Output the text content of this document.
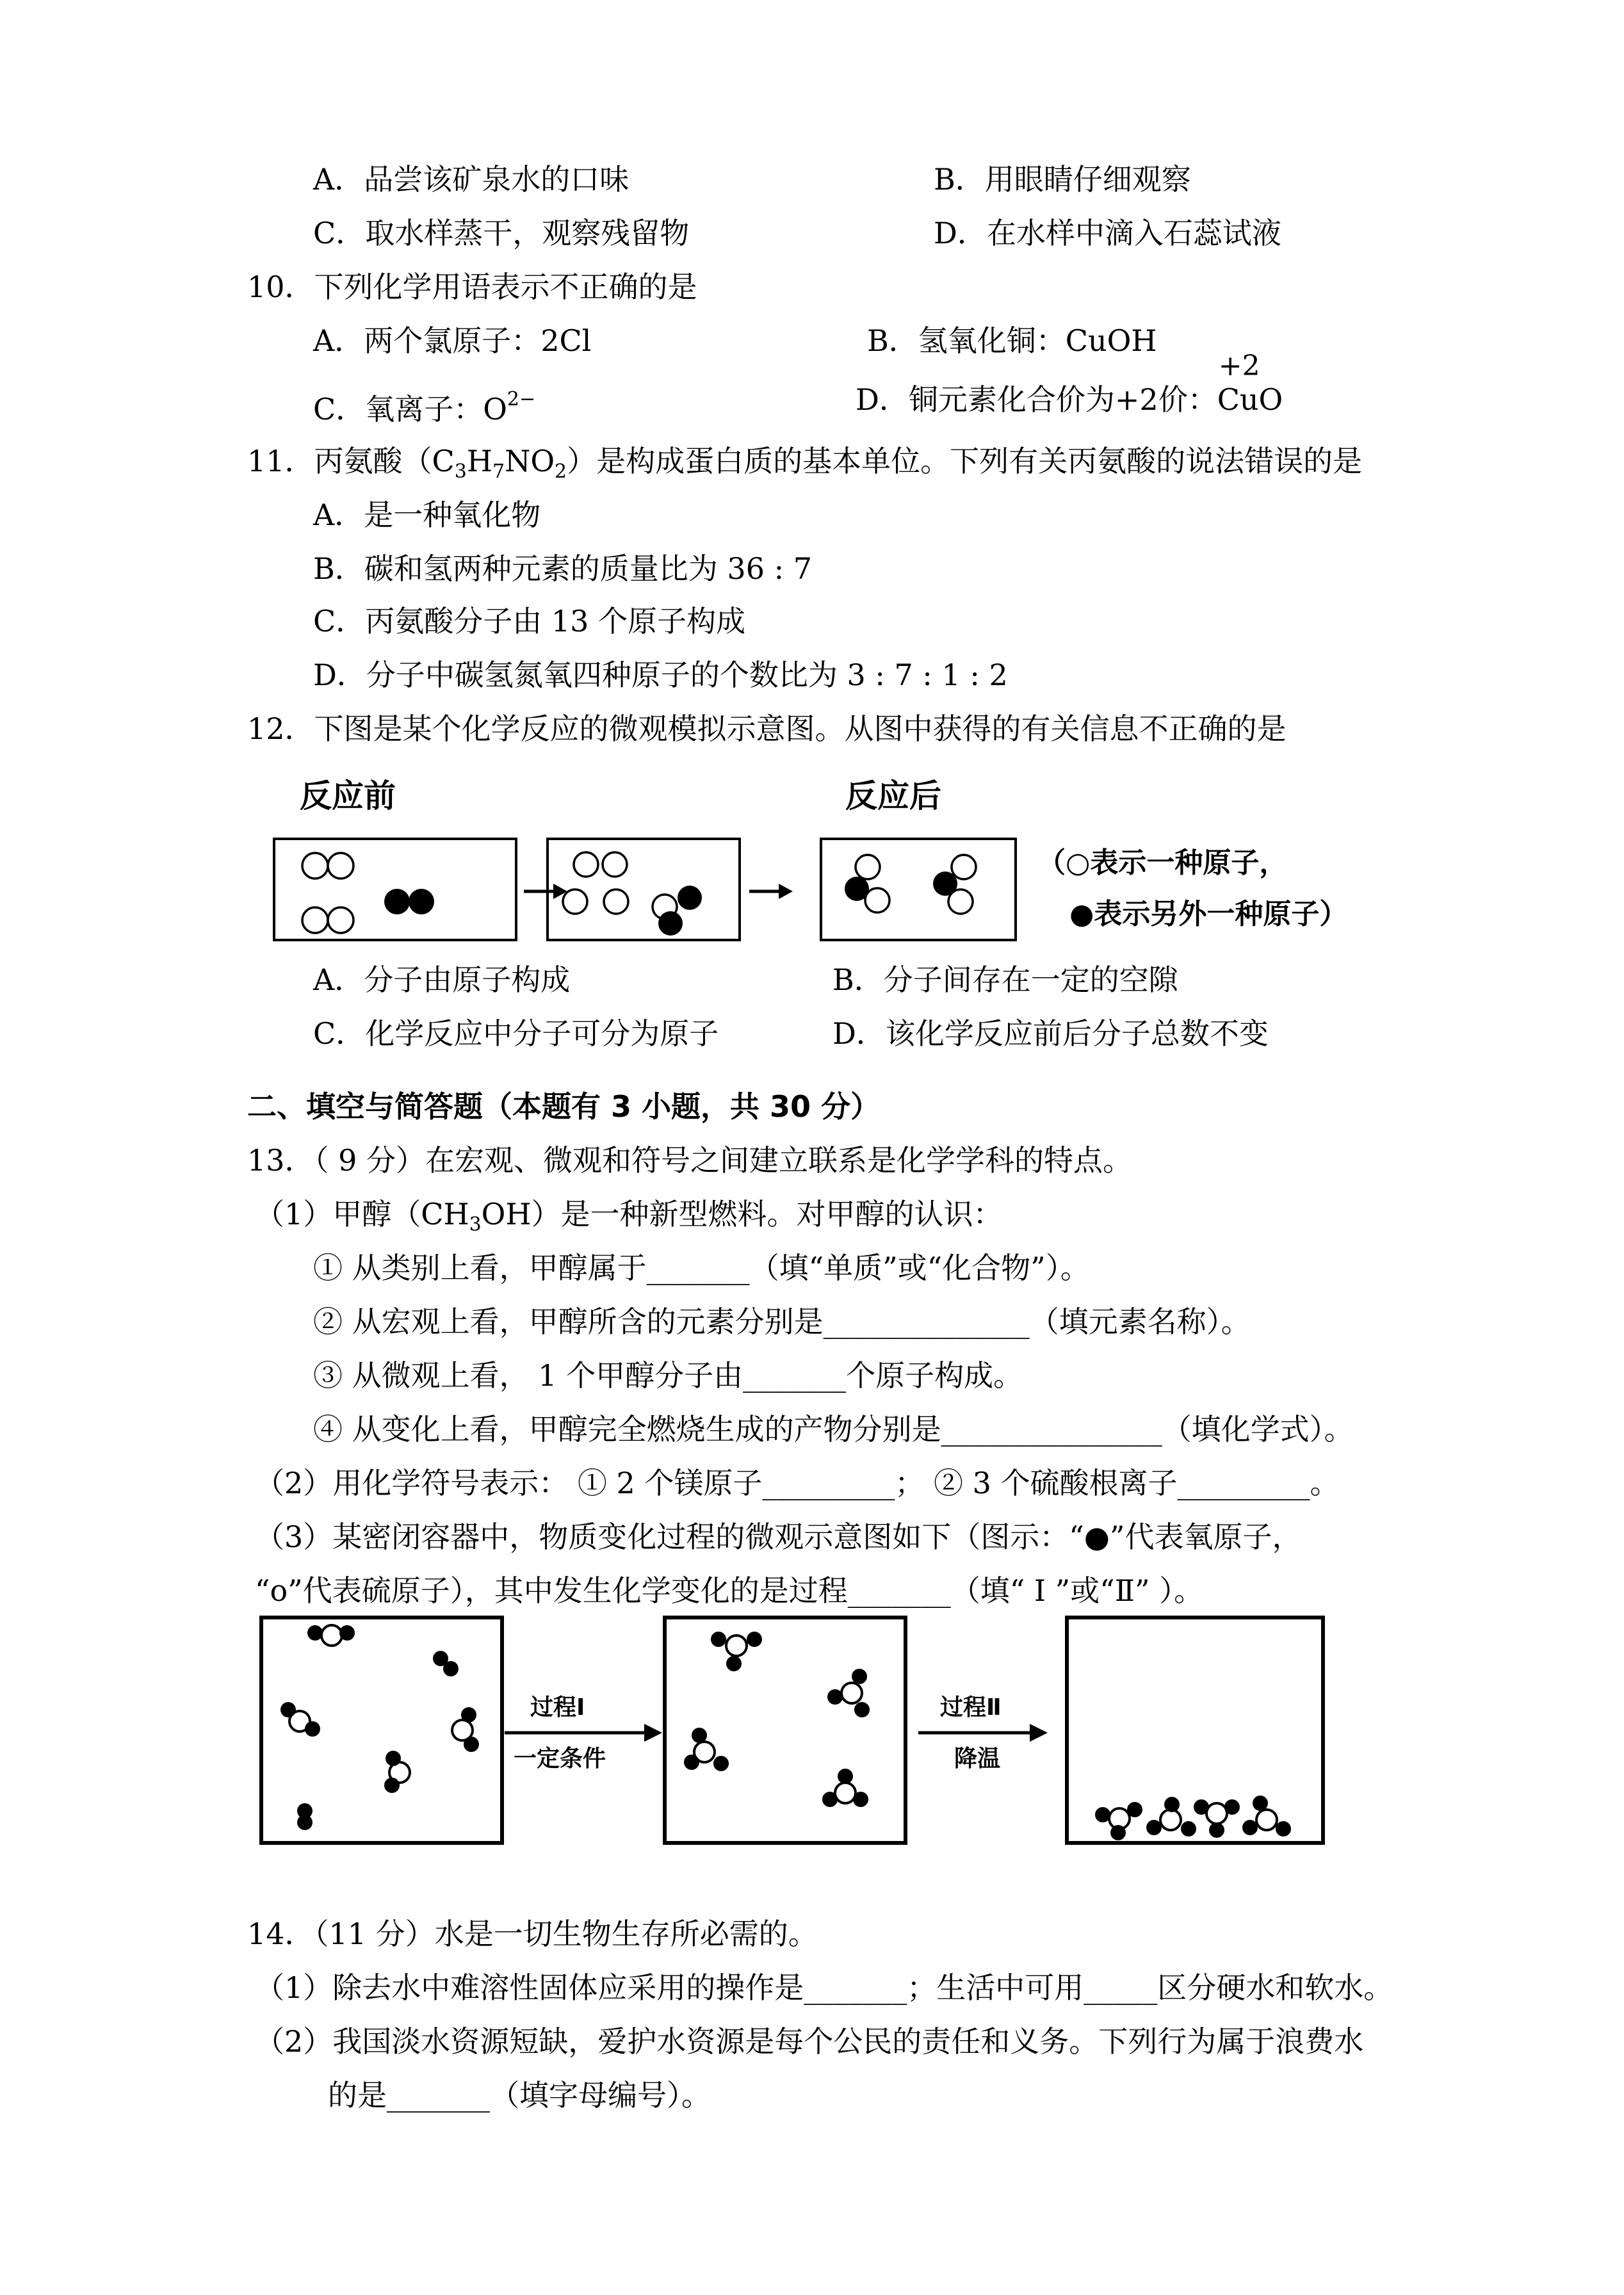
A．品尝该矿泉水的口味	B．用眼睛仔细观察
C．取水样蒸干，观察残留物	D．在水样中滴入石蕊试液
10．下列化学用语表示不正确的是
A．两个氯原子：2Cl	B．氢氧化铜：CuOH
C．氧离子：$O^{2-}$	D．铜元素化合价为+2价：
+2
CuO
11．丙氨酸$(C_3H_7NO_2)$是构成蛋白质的基本单位。下列有关丙氨酸的说法错误的是
A．是一种氧化物
B．碳和氢两种元素的质量比为 36 : 7
C．丙氨酸分子由 13 个原子构成
D．分子中碳氢氮氧四种原子的个数比为 3 : 7 : 1 : 2
12．下图是某个化学反应的微观模拟示意图。从图中获得的有关信息不正确的是
反应前	反应后
（○表示一种原子，
●表示另外一种原子）
A．分子由原子构成	B．分子间存在一定的空隙
C．化学反应中分子可分为原子	D．该化学反应前后分子总数不变
二、填空与简答题（本题有 3 小题，共 30 分）
13．（ 9 分）在宏观、微观和符号之间建立联系是化学学科的特点。
（1）甲醇$(CH_3OH)$是一种新型燃料。对甲醇的认识：
① 从类别上看，甲醇属于_______（填“单质”或“化合物”）。
② 从宏观上看，甲醇所含的元素分别是______________（填元素名称）。
③ 从微观上看， 1 个甲醇分子由_______个原子构成。
④ 从变化上看，甲醇完全燃烧生成的产物分别是_______________（填化学式）。
（2）用化学符号表示： ① 2 个镁原子_________； ② 3 个硫酸根离子_________。
（3）某密闭容器中，物质变化过程的微观示意图如下（图示：“●”代表氧原子，
“ο”代表硫原子），其中发生化学变化的是过程_______（填“ Ⅰ ”或“Ⅱ” ）。
过程Ⅰ
一定条件
过程Ⅱ
降温
14．（11 分）水是一切生物生存所必需的。
（1）除去水中难溶性固体应采用的操作是_______；生活中可用_____区分硬水和软水。
（2）我国淡水资源短缺，爱护水资源是每个公民的责任和义务。下列行为属于浪费水
的是_______（填字母编号）。
